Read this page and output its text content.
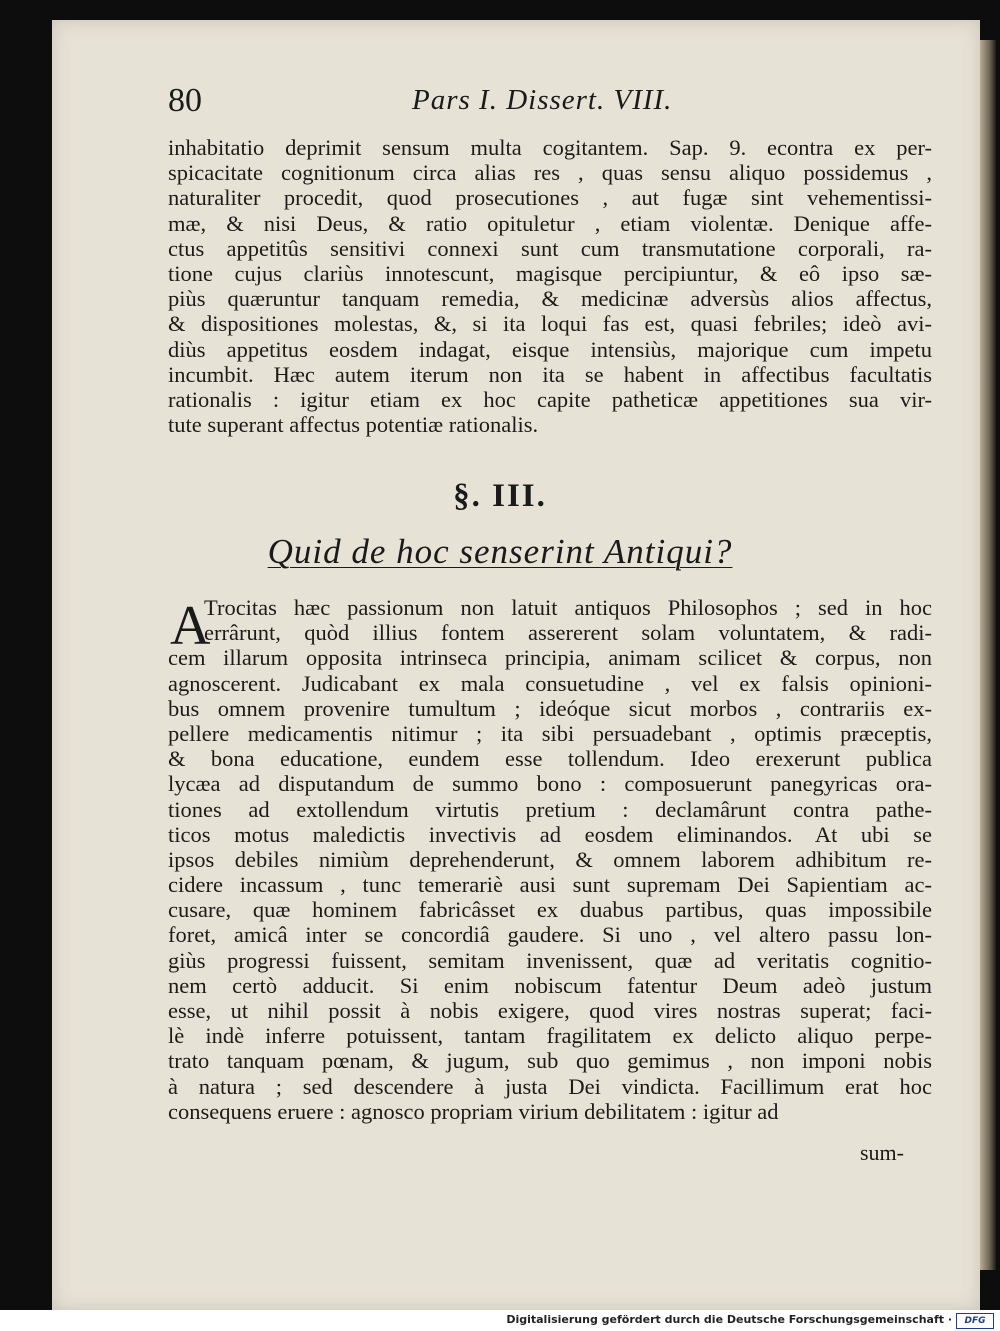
80	Pars I. Dissert. VIII.
inhabitatio deprimit sensum multa cogitantem. Sap. 9. econtra ex per-
spicacitate cognitionum circa alias res , quas sensu aliquo possidemus ,
naturaliter procedit, quod prosecutiones , aut fugæ sint vehementissi-
mæ, & nisi Deus, & ratio opituletur , etiam violentæ. Denique affe-
ctus appetitûs sensitivi connexi sunt cum transmutatione corporali, ra-
tione cujus clariùs innotescunt, magisque percipiuntur, & eô ipso sæ-
piùs quæruntur tanquam remedia, & medicinæ adversùs alios affectus,
& dispositiones molestas, &, si ita loqui fas est, quasi febriles; ideò avi-
diùs appetitus eosdem indagat, eisque intensiùs, majorique cum impetu
incumbit. Hæc autem iterum non ita se habent in affectibus facultatis
rationalis : igitur etiam ex hoc capite patheticæ appetitiones sua vir-
tute superant affectus potentiæ rationalis.
§. III.
Quid de hoc senserint Antiqui?
A
Trocitas hæc passionum non latuit antiquos Philosophos ; sed in hoc
errârunt, quòd illius fontem assererent solam voluntatem, & radi-
cem illarum opposita intrinseca principia, animam scilicet & corpus, non
agnoscerent. Judicabant ex mala consuetudine , vel ex falsis opinioni-
bus omnem provenire tumultum ; ideóque sicut morbos , contrariis ex-
pellere medicamentis nitimur ; ita sibi persuadebant , optimis præceptis,
& bona educatione, eundem esse tollendum. Ideo erexerunt publica
lycæa ad disputandum de summo bono : composuerunt panegyricas ora-
tiones ad extollendum virtutis pretium : declamârunt contra pathe-
ticos motus maledictis invectivis ad eosdem eliminandos. At ubi se
ipsos debiles nimiùm deprehenderunt, & omnem laborem adhibitum re-
cidere incassum , tunc temerariè ausi sunt supremam Dei Sapientiam ac-
cusare, quæ hominem fabricâsset ex duabus partibus, quas impossibile
foret, amicâ inter se concordiâ gaudere. Si uno , vel altero passu lon-
giùs progressi fuissent, semitam invenissent, quæ ad veritatis cognitio-
nem certò adducit. Si enim nobiscum fatentur Deum adeò justum
esse, ut nihil possit à nobis exigere, quod vires nostras superat; faci-
lè indè inferre potuissent, tantam fragilitatem ex delicto aliquo perpe-
trato tanquam pœnam, & jugum, sub quo gemimus , non imponi nobis
à natura ; sed descendere à justa Dei vindicta. Facillimum erat hoc
consequens eruere : agnosco propriam virium debilitatem : igitur ad
sum-
Digitalisierung gefördert durch die Deutsche Forschungsgemeinschaft ·	DFG
